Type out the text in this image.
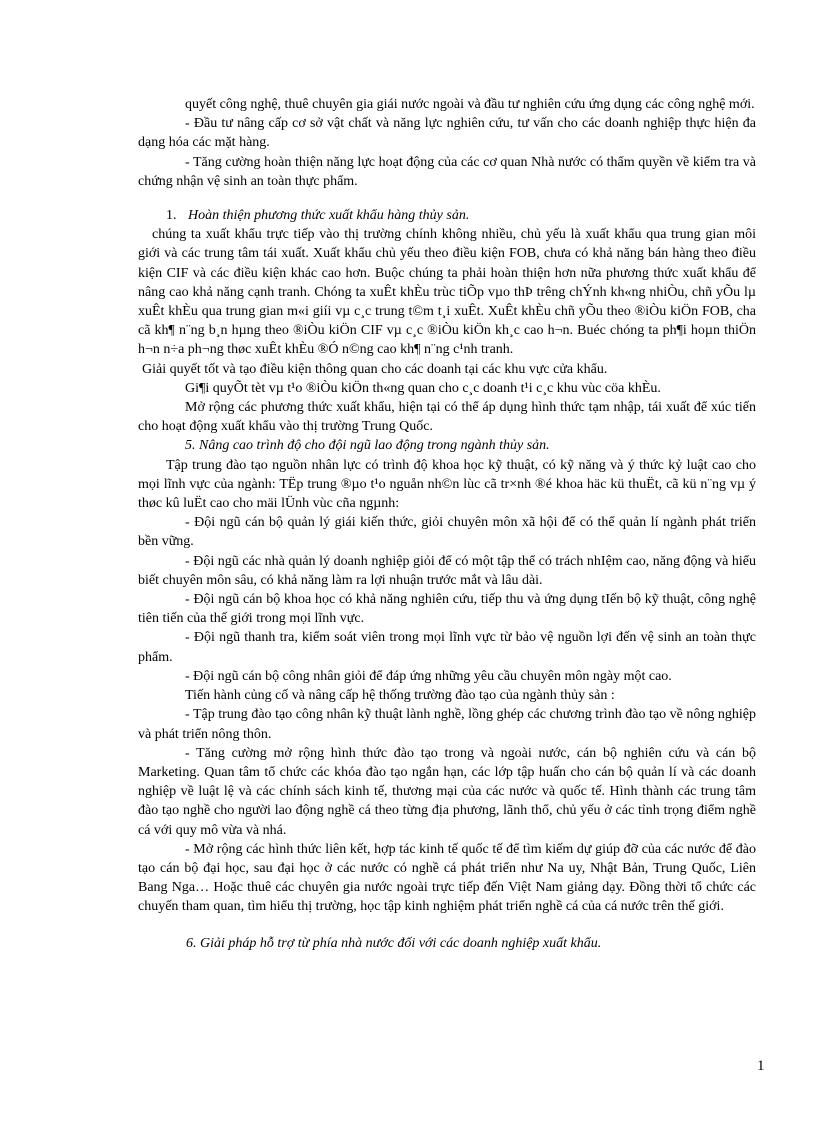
quyết công nghệ, thuê chuyên gia giái nước ngoài và đầu tư nghiên cứu ứng dụng các công nghệ mới.

- Đầu tư nâng cấp cơ sở vật chất và năng lực nghiên cứu, tư vấn cho các doanh nghiệp thực hiện đa dạng hóa các mặt hàng.

- Tăng cường hoàn thiện năng lực hoạt động của các cơ quan Nhà nước có thẩm quyền về kiểm tra và chứng nhận vệ sinh an toàn thực phẩm.

1. Hoàn thiện phương thức xuất khẩu hàng thủy sản.

chúng ta xuất khẩu trực tiếp vào thị trường chính không nhiều, chủ yếu là xuất khẩu qua trung gian môi giới và các trung tâm tái xuất. Xuất khẩu chủ yếu theo điều kiện FOB, chưa có khả năng bán hàng theo điều kiện CIF và các điều kiện khác cao hơn. Buộc chúng ta phải hoàn thiện hơn nữa phương thức xuất khẩu để nâng cao khả năng cạnh tranh. Chóng ta xuÊt khÈu trùc tiÕp vµo thÞ trêng chÝnh kh«ng nhiÒu, chñ yÕu lµ xuÊt khÈu qua trung gian m«i giíi vµ c¸c trung t©m t¸i xuÊt. XuÊt khÈu chñ yÕu theo ®iÒu kiÖn FOB, cha cã kh¶ n¨ng b¸n hµng theo ®iÒu kiÖn CIF vµ c¸c ®iÒu kiÖn kh¸c cao h¬n. Buéc chóng ta ph¶i hoµn thiÖn h¬n n÷a ph¬ng thøc xuÊt khÈu ®Ó n©ng cao kh¶ n¨ng c¹nh tranh.

Giải quyết tốt và tạo điều kiện thông quan cho các doanh tại các khu vực cửa khẩu.

Gi¶i quyÕt tèt vµ t¹o ®iÒu kiÖn th«ng quan cho c¸c doanh t¹i c¸c khu vùc cöa khÈu.

Mở rộng các phương thức xuất khẩu, hiện tại có thể áp dụng hình thức tạm nhập, tái xuất để xúc tiến cho hoạt động xuất khẩu vào thị trường Trung Quốc.

5. Nâng cao trình độ cho đội ngũ lao động trong ngành thủy sản.

Tập trung đào tạo nguồn nhân lực có trình độ khoa học kỹ thuật, có kỹ năng và ý thức kỷ luật cao cho mọi lĩnh vực của ngành: TËp trung ®µo t¹o nguån nh©n lùc cã tr×nh ®é khoa häc kü thuËt, cã kü n¨ng vµ ý thøc kû luËt cao cho mäi lÜnh vùc cña ngµnh:

- Đội ngũ cán bộ quản lý giái kiến thức, giỏi chuyên môn xã hội để có thể quản lí ngành phát triển bền vững.

- Đội ngũ các nhà quản lý doanh nghiệp giỏi để có một tập thể có trách nhIệm cao, năng động và hiểu biết chuyên môn sâu, có khả năng làm ra lợi nhuận trước mắt và lâu dài.

- Đội ngũ cán bộ khoa học có khả năng nghiên cứu, tiếp thu và ứng dụng tIến bộ kỹ thuật, công nghệ tiên tiến của thế giới trong mọi lĩnh vực.

- Đội ngũ thanh tra, kiểm soát viên trong mọi lĩnh vực từ bảo vệ nguồn lợi đến vệ sinh an toàn thực phẩm.

- Đội ngũ cán bộ công nhân giỏi để đáp ứng những yêu cầu chuyên môn ngày một cao.

Tiến hành củng cố và nâng cấp hệ thống trường đào tạo của ngành thủy sản :

- Tập trung đào tạo công nhân kỹ thuật lành nghề, lồng ghép các chương trình đào tạo về nông nghiệp và phát triển nông thôn.

- Tăng cường mở rộng hình thức đào tạo trong và ngoài nước, cán bộ nghiên cứu và cán bộ Marketing. Quan tâm tổ chức các khóa đào tạo ngắn hạn, các lớp tập huấn cho cán bộ quản lí và các doanh nghiệp về luật lệ và các chính sách kinh tế, thương mại của các nước và quốc tế. Hình thành các trung tâm đào tạo nghề cho người lao động nghề cá theo từng địa phương, lãnh thổ, chủ yếu ở các tỉnh trọng điểm nghề cá với quy mô vừa và nhá.

- Mở rộng các hình thức liên kết, hợp tác kinh tế quốc tế để tìm kiếm dự giúp đỡ của các nước để đào tạo cán bộ đại học, sau đại học ở các nước có nghề cá phát triển như Na uy, Nhật Bản, Trung Quốc, Liên Bang Nga… Hoặc thuê các chuyên gia nước ngoài trực tiếp đến Việt Nam giảng dạy. Đồng thời tổ chức các chuyến tham quan, tìm hiểu thị trường, học tập kinh nghiệm phát triển nghề cá của cá nước trên thế giới.

6. Giải pháp hỗ trợ từ phía nhà nước đối với các doanh nghiệp xuất khẩu.

1
